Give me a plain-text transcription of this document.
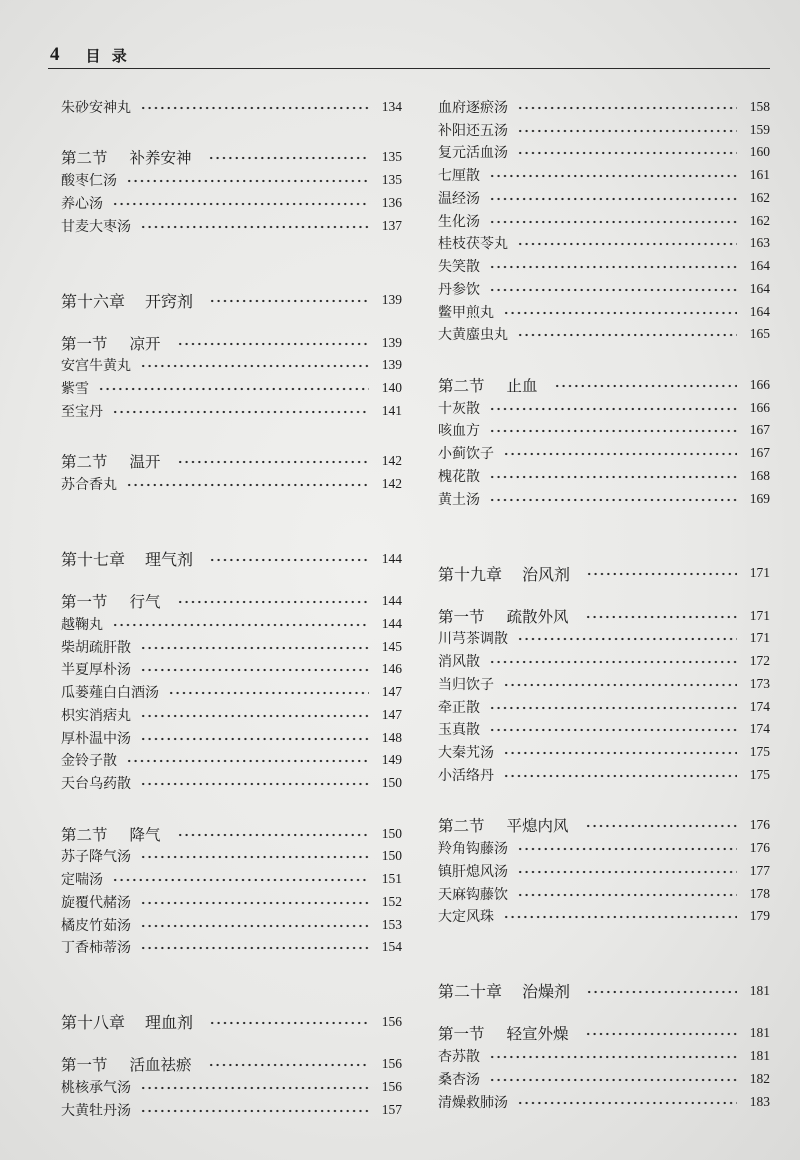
4 目 录
朱砂安神丸	134
第二节 补养安神	135
酸枣仁汤	135
养心汤	136
甘麦大枣汤	137
第十六章 开窍剂	139
第一节 凉开	139
安宫牛黄丸	139
紫雪	140
至宝丹	141
第二节 温开	142
苏合香丸	142
第十七章 理气剂	144
第一节 行气	144
越鞠丸	144
柴胡疏肝散	145
半夏厚朴汤	146
瓜蒌薤白白酒汤	147
枳实消痞丸	147
厚朴温中汤	148
金铃子散	149
天台乌药散	150
第二节 降气	150
苏子降气汤	150
定喘汤	151
旋覆代赭汤	152
橘皮竹茹汤	153
丁香柿蒂汤	154
第十八章 理血剂	156
第一节 活血祛瘀	156
桃核承气汤	156
大黄牡丹汤	157
血府逐瘀汤	158
补阳还五汤	159
复元活血汤	160
七厘散	161
温经汤	162
生化汤	162
桂枝茯苓丸	163
失笑散	164
丹参饮	164
鳖甲煎丸	164
大黄䗪虫丸	165
第二节 止血	166
十灰散	166
咳血方	167
小蓟饮子	167
槐花散	168
黄土汤	169
第十九章 治风剂	171
第一节 疏散外风	171
川芎茶调散	171
消风散	172
当归饮子	173
牵正散	174
玉真散	174
大秦艽汤	175
小活络丹	175
第二节 平熄内风	176
羚角钩藤汤	176
镇肝熄风汤	177
天麻钩藤饮	178
大定风珠	179
第二十章 治燥剂	181
第一节 轻宣外燥	181
杏苏散	181
桑杏汤	182
清燥救肺汤	183
